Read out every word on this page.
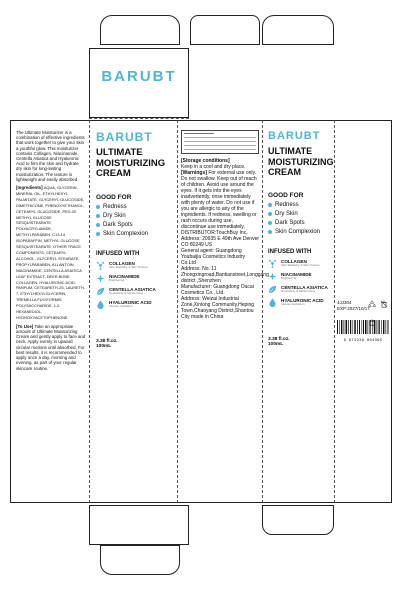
BARUBT
The Ultimate Moisturizer is a combination of effective ingredients that work together to give your skin a youthful glow. This moisturizer contains Collagen, Niacinamide, Centella Asiatica and Hyaluronic Acid to firm the skin and hydrate dry skin for long-lasting moisturization. The texture is lightweight and easily absorbed.
[Ingredients] AQUA, GLYCERIN, MINERAL OIL, ETHYLHEXYL PALMITATE, GLYCERYL GLUCOSIDE, DIMETHICONE, PHENOXYETHANOL, CETEARYL GLUCOSIDE, PEG-20 METHYL GLUCOSE SESQUISTEARATE, POLYACRYLAMIDE, METHYLPARABEN, C13-14 ISOPARAFFIN, METHYL GLUCOSE SESQUISTEARATE, OTHER TRACE COMPONENTS: CETEARYL ALCOHOL, GLYCERYL STEARATE, PROPYLPARABEN, ALLANTOIN, NIACINAMIDE, CENTELLA ASIATICA LEAF EXTRACT, DEER BONE COLLAGEN, HYALURONIC ACID, PANFUM, CETEARETH-25, LAURETH-7, ETHYLHEXYLGLYCERIN, TREMELLA FUCIFORMIS POLYSACCHARIDE, 1,2-HEXANEDIOL, HYDROXYACETOPHENONE
[To Use] Take an appropriate amount of Ultimate Moisturizing Cream and gently apply to face and neck. Apply evenly in upward circular motions until absorbed. For best results, it is recommended to apply once a day, morning and evening, as part of your regular skincare routine.
BARUBT
ULTIMATE MOISTURIZING CREAM
GOOD FOR
Redness
Dry Skin
Dark Spots
Skin Complexion
INFUSED WITH
COLLAGEN
Skin Elasticity & Skin Texture
NIACINAMIDE
Brightening
CENTELLA ASIATICA
Nourishing & Moisturizing
HYALURONIC ACID
Intense Hydration
3.38 fl.oz.
100mL
[Storage conditions]
Keep in a cool and dry place.
[Warnings] For external use only. Do not swallow. Keep out of reach of children. Avoid use around the eyes. If it gets into the eyes inadvertently, rinse immediately with plenty of water. Do not use if you are allergic to any of the ingredients. If redness, swelling or rash occurs during use, discontinue use immediately.
DISTRIBUTOR:TouchBuy Inc.
Address: 20935 E 49th Ave Denver CO 80249 US
General agent: Guangdong Youbaijia Cosmetics Industry Co.Ltd
Address: No. 11 Zhongxingroad,Bantianstreet,Longgang district ,Shenzhen
Manufacturer: Guangdong Oucai Cosmetics Co., Ltd.
Address: Weizai Industrial Zone,Xinlong Community,Heping Town,Chaoyang District,Shantou City made in China
BARUBT
ULTIMATE MOISTURIZING CREAM
GOOD FOR
Redness
Dry Skin
Dark Spots
Skin Complexion
INFUSED WITH
COLLAGEN
Skin Elasticity & Skin Texture
NIACINAMIDE
Brightening
CENTELLA ASIATICA
Nourishing & Moisturizing
HYALURONIC ACID
Intense Hydration
3.38 fl.oz.
100mL
4JJ304
EXP:2027/10/17

6 971239 804395
